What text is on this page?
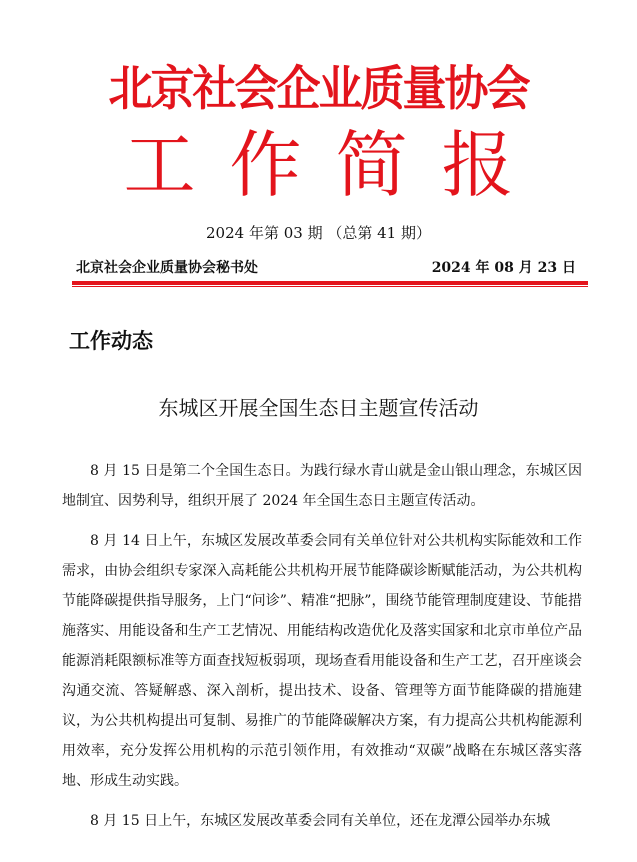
北京社会企业质量协会
工作简报
2024 年第 03 期 （总第 41 期）
北京社会企业质量协会秘书处	2024 年 08 月 23 日
工作动态
东城区开展全国生态日主题宣传活动

8 月 15 日是第二个全国生态日。为践行绿水青山就是金山银山理念，东城区因地制宜、因势利导，组织开展了 2024 年全国生态日主题宣传活动。

8 月 14 日上午，东城区发展改革委会同有关单位针对公共机构实际能效和工作需求，由协会组织专家深入高耗能公共机构开展节能降碳诊断赋能活动，为公共机构节能降碳提供指导服务，上门“问诊”、精准“把脉”，围绕节能管理制度建设、节能措施落实、用能设备和生产工艺情况、用能结构改造优化及落实国家和北京市单位产品能源消耗限额标准等方面查找短板弱项，现场查看用能设备和生产工艺，召开座谈会沟通交流、答疑解惑、深入剖析，提出技术、设备、管理等方面节能降碳的措施建议，为公共机构提出可复制、易推广的节能降碳解决方案，有力提高公共机构能源利用效率，充分发挥公用机构的示范引领作用，有效推动“双碳”战略在东城区落实落地、形成生动实践。

8 月 15 日上午，东城区发展改革委会同有关单位，还在龙潭公园举办东城
